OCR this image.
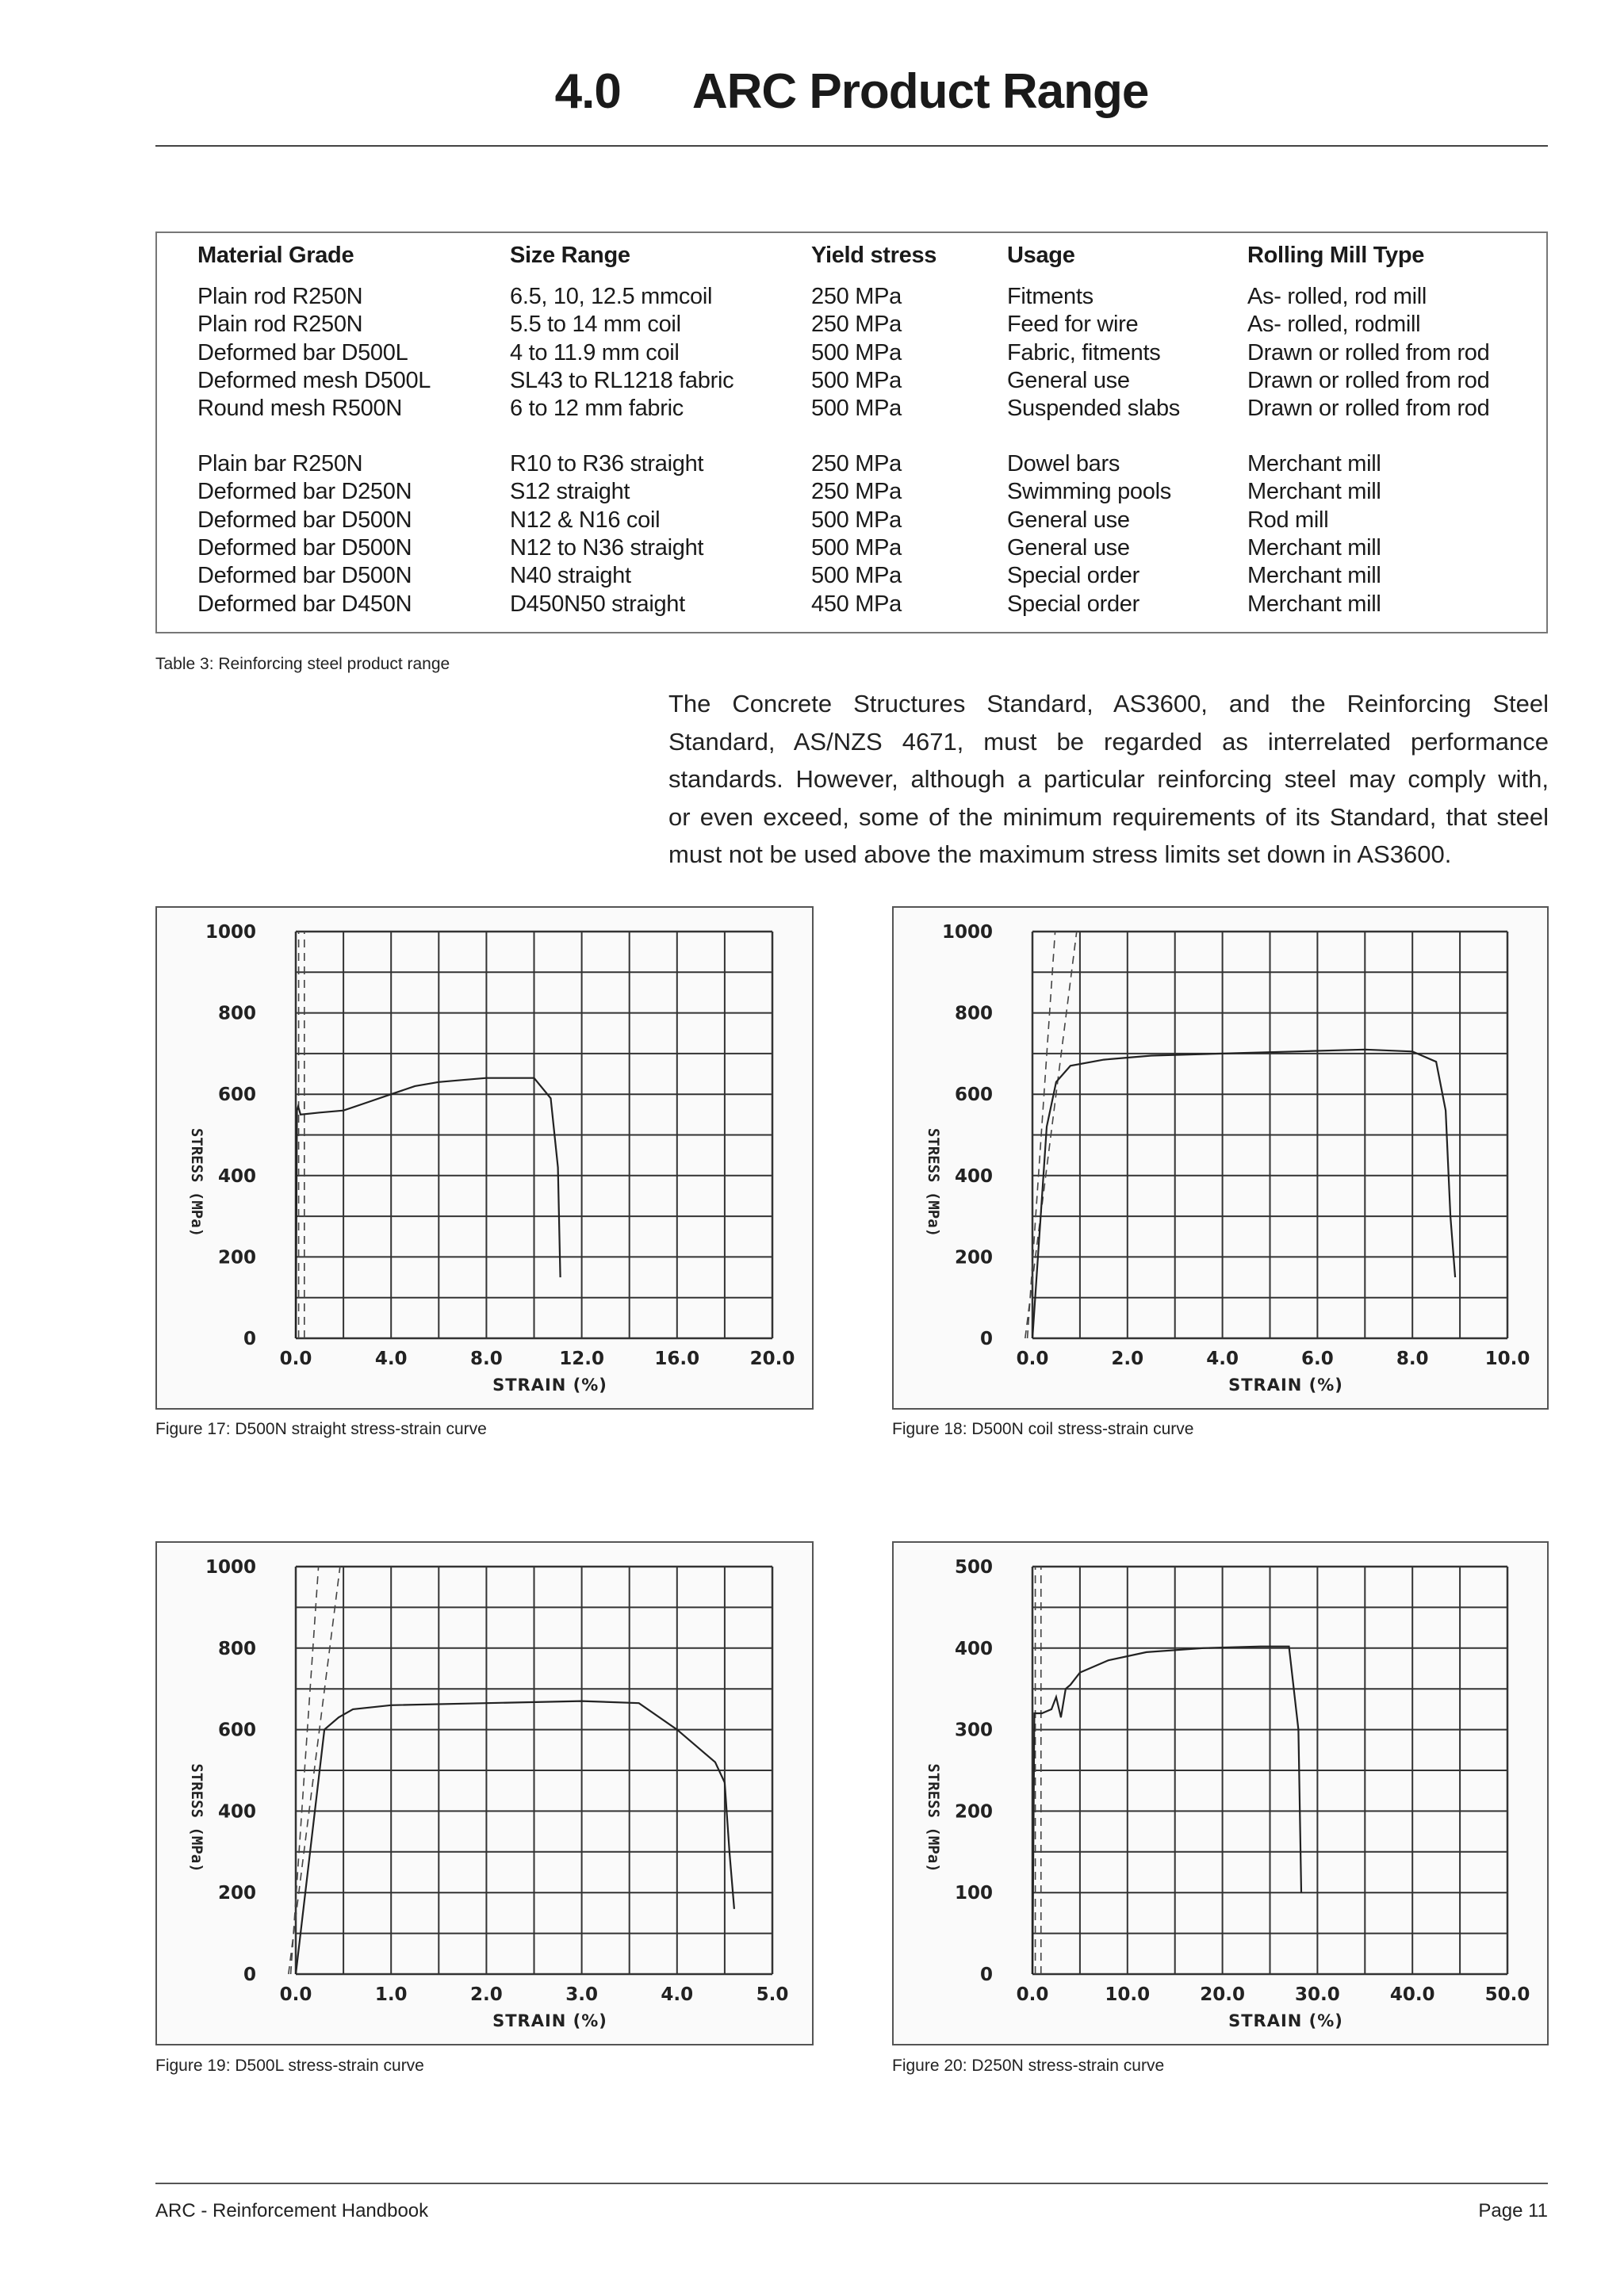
4.0 ARC Product Range
Material Grade	Size Range	Yield stress	Usage	Rolling Mill Type
Plain rod R250N	6.5, 10, 12.5 mmcoil	250 MPa	Fitments	As- rolled, rod mill
Plain rod R250N	5.5 to 14 mm coil	250 MPa	Feed for wire	As- rolled, rodmill
Deformed bar D500L	4 to 11.9 mm coil	500 MPa	Fabric, fitments	Drawn or rolled from rod
Deformed mesh D500L	SL43 to RL1218 fabric	500 MPa	General use	Drawn or rolled from rod
Round mesh R500N	6 to 12 mm fabric	500 MPa	Suspended slabs	Drawn or rolled from rod
Plain bar R250N	R10 to R36 straight	250 MPa	Dowel bars	Merchant mill
Deformed bar D250N	S12 straight	250 MPa	Swimming pools	Merchant mill
Deformed bar D500N	N12 & N16 coil	500 MPa	General use	Rod mill
Deformed bar D500N	N12 to N36 straight	500 MPa	General use	Merchant mill
Deformed bar D500N	N40 straight	500 MPa	Special order	Merchant mill
Deformed bar D450N	D450N50 straight	450 MPa	Special order	Merchant mill
Table 3: Reinforcing steel product range
The Concrete Structures Standard, AS3600, and the Reinforcing Steel
Standard, AS/NZS 4671, must be regarded as interrelated performance
standards. However, although a particular reinforcing steel may comply with,
or even exceed, some of the minimum requirements of its Standard, that steel
must not be used above the maximum stress limits set down in AS3600.
0
200
400
600
800
1000
0.0	4.0	8.0	12.0	16.0	20.0
STRAIN (%)
STRESS (MPa)
Figure 17: D500N straight stress-strain curve
0
200
400
600
800
1000
0.0	2.0	4.0	6.0	8.0	10.0
STRAIN (%)
STRESS (MPa)
Figure 18: D500N coil stress-strain curve
0
200
400
600
800
1000
0.0	1.0	2.0	3.0	4.0	5.0
STRAIN (%)
STRESS (MPa)
Figure 19: D500L stress-strain curve
0
100
200
300
400
500
0.0	10.0	20.0	30.0	40.0	50.0
STRAIN (%)
STRESS (MPa)
Figure 20: D250N stress-strain curve
ARC - Reinforcement Handbook	Page 11
